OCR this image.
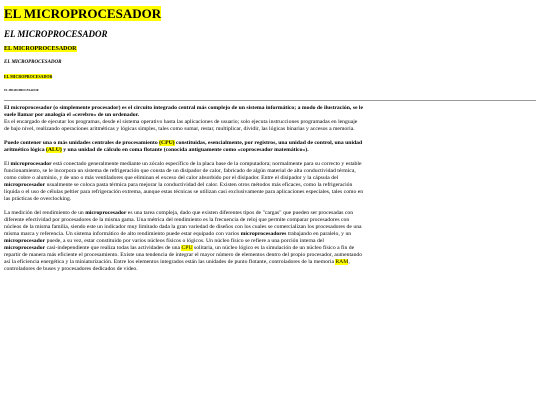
EL MICROPROCESADOR
EL MICROPROCESADOR
EL MICROPROCESADOR
EL MICROPROCESADOR
EL MICROPROCESADOR
EL MICROPROCESADOR

El microprocesador (o simplemente procesador) es el circuito integrado central más complejo de un sistema informático; a modo de ilustración, se le suele llamar por analogía el «cerebro» de un ordenador.
Es el encargado de ejecutar los programas, desde el sistema operativo hasta las aplicaciones de usuario; solo ejecuta instrucciones programadas en lenguaje de bajo nivel, realizando operaciones aritméticas y lógicas simples, tales como sumar, restar, multiplicar, dividir, las lógicas binarias y accesos a memoria.

Puede contener una o más unidades centrales de procesamiento (CPU) constituidas, esencialmente, por registros, una unidad de control, una unidad aritmético lógica (ALU) y una unidad de cálculo en coma flotante (conocida antiguamente como «coprocesador matemático»).

El microprocesador está conectado generalmente mediante un zócalo específico de la placa base de la computadora; normalmente para su correcto y estable funcionamiento, se le incorpora un sistema de refrigeración que consta de un disipador de calor, fabricado de algún material de alta conductividad térmica, como cobre o aluminio, y de uno o más ventiladores que eliminan el exceso del calor absorbido por el disipador. Entre el disipador y la cápsula del microprocesador usualmente se coloca pasta térmica para mejorar la conductividad del calor. Existen otros métodos más eficaces, como la refrigeración líquida o el uso de células peltier para refrigeración extrema, aunque estas técnicas se utilizan casi exclusivamente para aplicaciones especiales, tales como en las prácticas de overclocking.

La medición del rendimiento de un microprocesador es una tarea compleja, dado que existen diferentes tipos de "cargas" que pueden ser procesadas con diferente efectividad por procesadores de la misma gama. Una métrica del rendimiento es la frecuencia de reloj que permite comparar procesadores con núcleos de la misma familia, siendo este un indicador muy limitado dada la gran variedad de diseños con los cuales se comercializan los procesadores de una misma marca y referencia. Un sistema informático de alto rendimiento puede estar equipado con varios microprocesadores trabajando en paralelo, y un microprocesador puede, a su vez, estar constituido por varios núcleos físicos o lógicos. Un núcleo físico se refiere a una porción interna del microprocesador casi-independiente que realiza todas las actividades de una CPU solitaria, un núcleo lógico es la simulación de un núcleo físico a fin de repartir de manera más eficiente el procesamiento. Existe una tendencia de integrar el mayor número de elementos dentro del propio procesador, aumentando así la eficiencia energética y la miniaturización. Entre los elementos integrados están las unidades de punto flotante, controladores de la memoria RAM, controladores de buses y procesadores dedicados de video.
